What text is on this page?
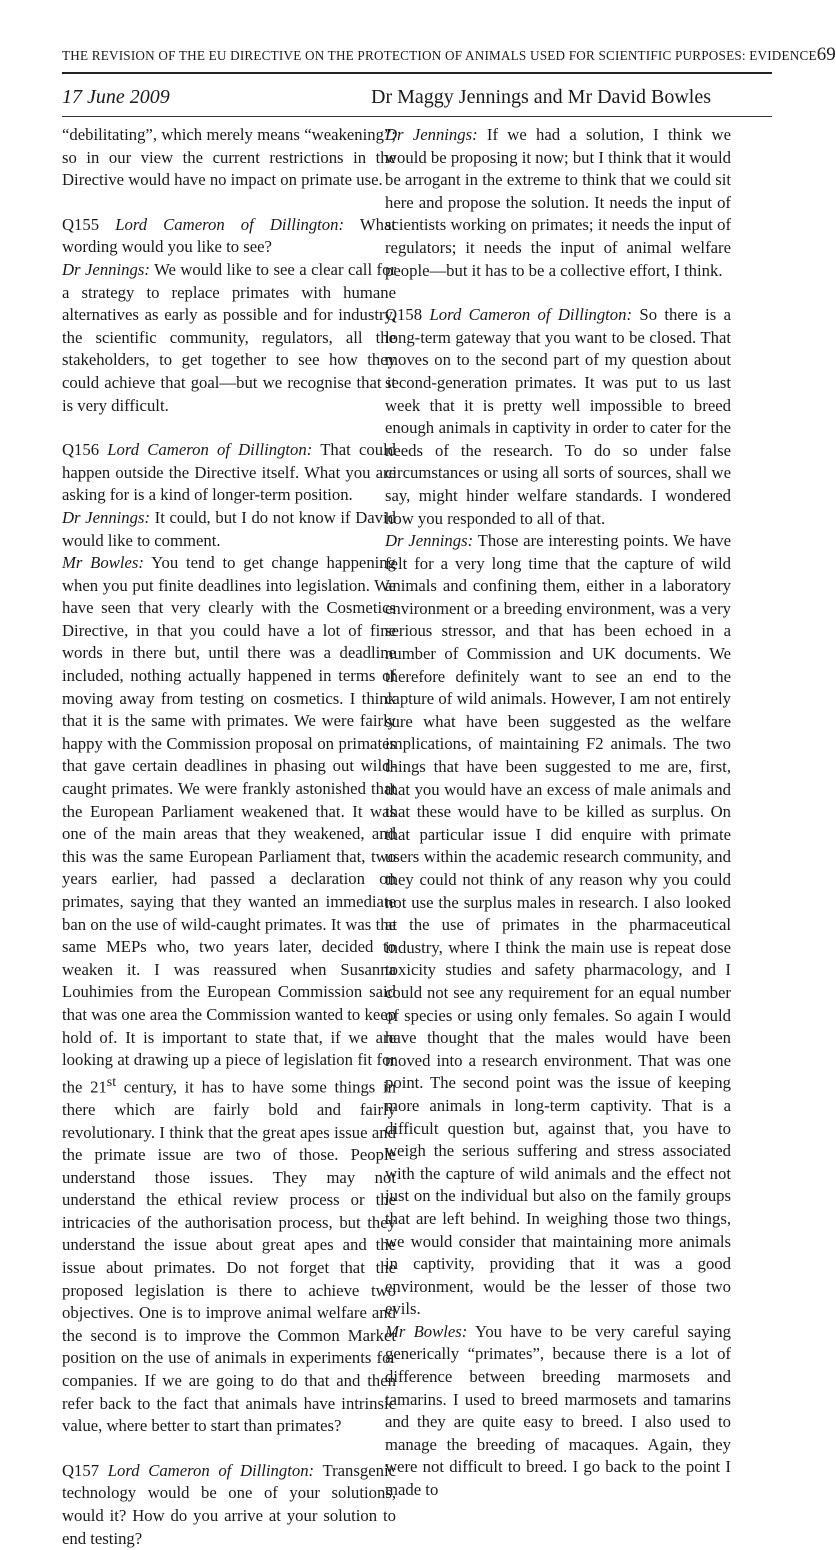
THE REVISION OF THE EU DIRECTIVE ON THE PROTECTION OF ANIMALS USED FOR SCIENTIFIC PURPOSES: EVIDENCE 69
17 June 2009	Dr Maggy Jennings and Mr David Bowles

“debilitating”, which merely means “weakening”; so in our view the current restrictions in the Directive would have no impact on primate use.

Q155 Lord Cameron of Dillington: What wording would you like to see?

Dr Jennings: We would like to see a clear call for a strategy to replace primates with humane alternatives as early as possible and for industry, the scientific community, regulators, all the stakeholders, to get together to see how they could achieve that goal—but we recognise that it is very difficult.

Q156 Lord Cameron of Dillington: That could happen outside the Directive itself. What you are asking for is a kind of longer-term position.

Dr Jennings: It could, but I do not know if David would like to comment.

Mr Bowles: You tend to get change happening when you put finite deadlines into legislation. We have seen that very clearly with the Cosmetics Directive, in that you could have a lot of fine words in there but, until there was a deadline included, nothing actually happened in terms of moving away from testing on cosmetics. I think that it is the same with primates. We were fairly happy with the Commission proposal on primates that gave certain deadlines in phasing out wild-caught primates. We were frankly astonished that the European Parliament weakened that. It was one of the main areas that they weakened, and this was the same European Parliament that, two years earlier, had passed a declaration on primates, saying that they wanted an immediate ban on the use of wild-caught primates. It was the same MEPs who, two years later, decided to weaken it. I was reassured when Susanna Louhimies from the European Commission said that was one area the Commission wanted to keep hold of. It is important to state that, if we are looking at drawing up a piece of legislation fit for the 21st century, it has to have some things in there which are fairly bold and fairly revolutionary. I think that the great apes issue and the primate issue are two of those. People understand those issues. They may not understand the ethical review process or the intricacies of the authorisation process, but they understand the issue about great apes and the issue about primates. Do not forget that the proposed legislation is there to achieve two objectives. One is to improve animal welfare and the second is to improve the Common Market position on the use of animals in experiments for companies. If we are going to do that and then refer back to the fact that animals have intrinsic value, where better to start than primates?

Q157 Lord Cameron of Dillington: Transgenic technology would be one of your solutions, would it? How do you arrive at your solution to end testing?

Dr Jennings: If we had a solution, I think we would be proposing it now; but I think that it would be arrogant in the extreme to think that we could sit here and propose the solution. It needs the input of scientists working on primates; it needs the input of regulators; it needs the input of animal welfare people—but it has to be a collective effort, I think.

Q158 Lord Cameron of Dillington: So there is a long-term gateway that you want to be closed. That moves on to the second part of my question about second-generation primates. It was put to us last week that it is pretty well impossible to breed enough animals in captivity in order to cater for the needs of the research. To do so under false circumstances or using all sorts of sources, shall we say, might hinder welfare standards. I wondered how you responded to all of that.

Dr Jennings: Those are interesting points. We have felt for a very long time that the capture of wild animals and confining them, either in a laboratory environment or a breeding environment, was a very serious stressor, and that has been echoed in a number of Commission and UK documents. We therefore definitely want to see an end to the capture of wild animals. However, I am not entirely sure what have been suggested as the welfare implications, of maintaining F2 animals. The two things that have been suggested to me are, first, that you would have an excess of male animals and that these would have to be killed as surplus. On that particular issue I did enquire with primate users within the academic research community, and they could not think of any reason why you could not use the surplus males in research. I also looked at the use of primates in the pharmaceutical industry, where I think the main use is repeat dose toxicity studies and safety pharmacology, and I could not see any requirement for an equal number of species or using only females. So again I would have thought that the males would have been moved into a research environment. That was one point. The second point was the issue of keeping more animals in long-term captivity. That is a difficult question but, against that, you have to weigh the serious suffering and stress associated with the capture of wild animals and the effect not just on the individual but also on the family groups that are left behind. In weighing those two things, we would consider that maintaining more animals in captivity, providing that it was a good environment, would be the lesser of those two evils.

Mr Bowles: You have to be very careful saying generically “primates”, because there is a lot of difference between breeding marmosets and tamarins. I used to breed marmosets and tamarins and they are quite easy to breed. I also used to manage the breeding of macaques. Again, they were not difficult to breed. I go back to the point I made to
